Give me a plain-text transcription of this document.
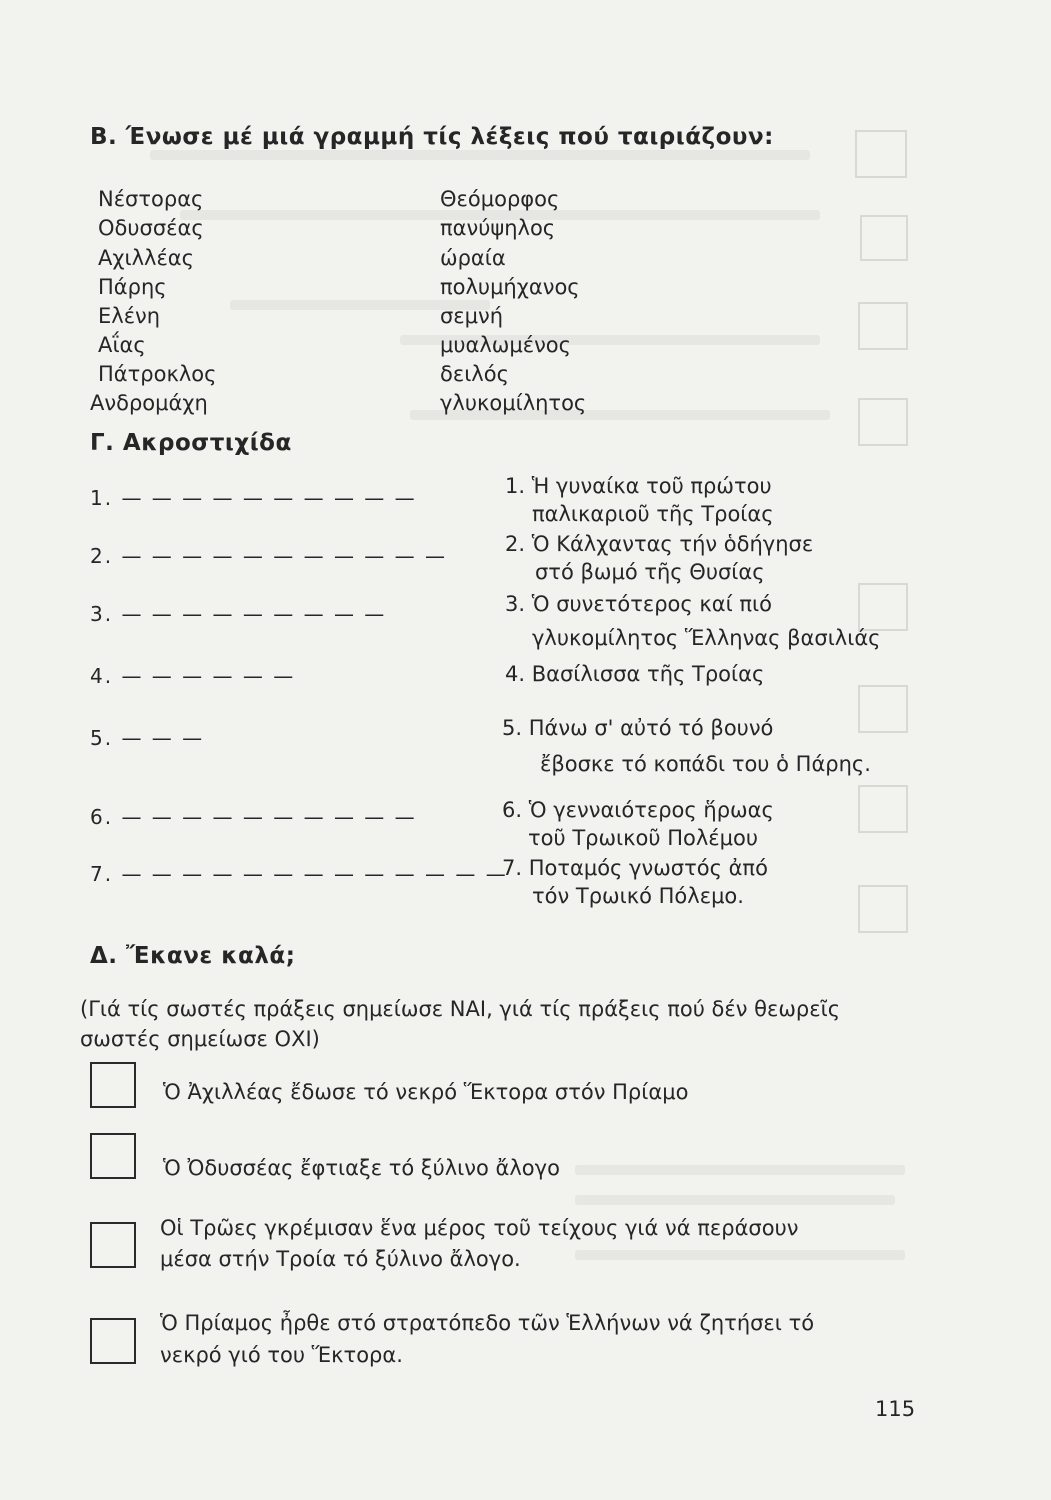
B. Ένωσε μέ μιά γραμμή τίς λέξεις πού ταιριάζουν:
Νέστορας
Οδυσσέας
Αχιλλέας
Πάρης
Ελένη
Αΐας
Πάτροκλος
Ανδρομάχη
Θεόμορφος
πανύψηλος
ώραία
πολυμήχανος
σεμνή
μυαλωμένος
δειλός
γλυκομίλητος
Γ. Ακροστιχίδα
1. — — — — — — — — — —
2. — — — — — — — — — — —
3. — — — — — — — — —
4. — — — — — —
5. — — —
6. — — — — — — — — — —
7. — — — — — — — — — — — — —
1. Ἡ γυναίκα τοῦ πρώτου
παλικαριοῦ τῆς Τροίας
2. Ὁ Κάλχαντας τήν ὁδήγησε
στό βωμό τῆς Θυσίας
3. Ὁ συνετότερος καί πιό
γλυκομίλητος Ἕλληνας βασιλιάς
4. Βασίλισσα τῆς Τροίας
5. Πάνω σ' αὐτό τό βουνό
ἔβοσκε τό κοπάδι του ὁ Πάρης.
6. Ὁ γενναιότερος ἥρωας
τοῦ Τρωικοῦ Πολέμου
7. Ποταμός γνωστός ἀπό
τόν Τρωικό Πόλεμο.
Δ. Ἔκανε καλά;
(Γιά τίς σωστές πράξεις σημείωσε ΝΑΙ, γιά τίς πράξεις πού δέν θεωρεῖς
σωστές σημείωσε ΟΧΙ)
Ὁ Ἀχιλλέας ἔδωσε τό νεκρό Ἕκτορα στόν Πρίαμο
Ὁ Ὀδυσσέας ἔφτιαξε τό ξύλινο ἄλογο
Οἱ Τρῶες γκρέμισαν ἕνα μέρος τοῦ τείχους γιά νά περάσουν
μέσα στήν Τροία τό ξύλινο ἄλογο.
Ὁ Πρίαμος ἦρθε στό στρατόπεδο τῶν Ἑλλήνων νά ζητήσει τό
νεκρό γιό του Ἕκτορα.
115
